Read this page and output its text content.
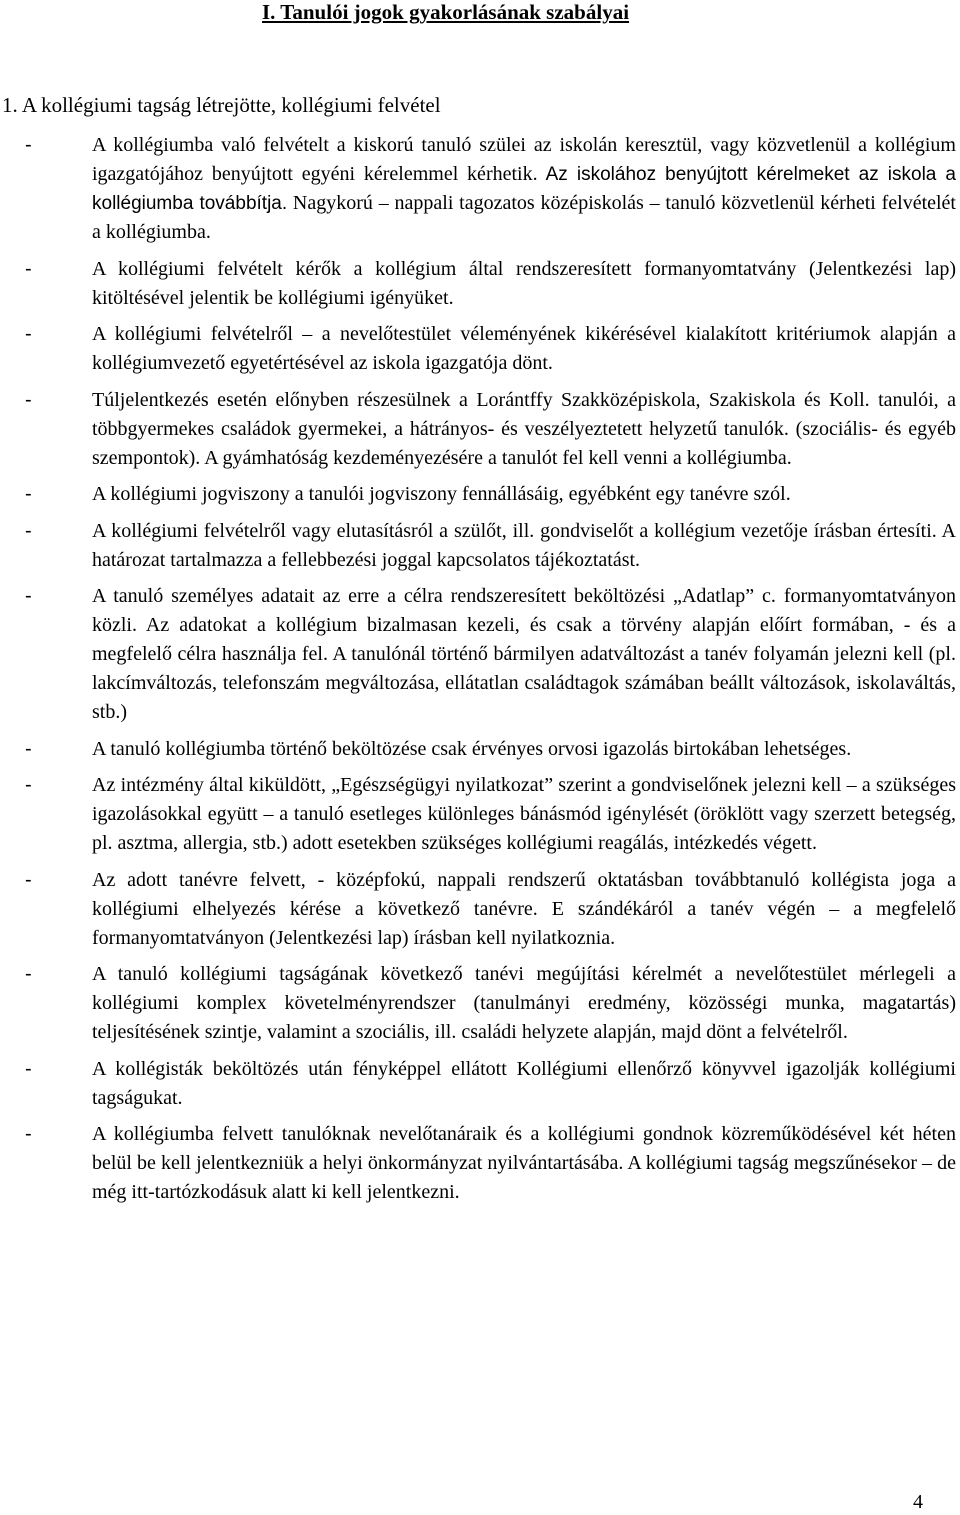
I. Tanulói jogok gyakorlásának szabályai
1. A kollégiumi tagság létrejötte, kollégiumi felvétel
-	A kollégiumba való felvételt a kiskorú tanuló szülei az iskolán keresztül, vagy közvetlenül a kollégium igazgatójához benyújtott egyéni kérelemmel kérhetik. Az iskolához benyújtott kérelmeket az iskola a kollégiumba továbbítja. Nagykorú – nappali tagozatos középiskolás – tanuló közvetlenül kérheti felvételét a kollégiumba.
-	A kollégiumi felvételt kérők a kollégium által rendszeresített formanyomtatvány (Jelentkezési lap) kitöltésével jelentik be kollégiumi igényüket.
-	A kollégiumi felvételről – a nevelőtestület véleményének kikérésével kialakított kritériumok alapján a kollégiumvezető egyetértésével az iskola igazgatója dönt.
-	Túljelentkezés esetén előnyben részesülnek a Lorántffy Szakközépiskola, Szakiskola és Koll. tanulói, a többgyermekes családok gyermekei, a hátrányos- és veszélyeztetett helyzetű tanulók. (szociális- és egyéb szempontok). A gyámhatóság kezdeményezésére a tanulót fel kell venni a kollégiumba.
-	A kollégiumi jogviszony a tanulói jogviszony fennállásáig, egyébként egy tanévre szól.
-	A kollégiumi felvételről vagy elutasításról a szülőt, ill. gondviselőt a kollégium vezetője írásban értesíti. A határozat tartalmazza a fellebbezési joggal kapcsolatos tájékoztatást.
-	A tanuló személyes adatait az erre a célra rendszeresített beköltözési „Adatlap” c. formanyomtatványon közli. Az adatokat a kollégium bizalmasan kezeli, és csak a törvény alapján előírt formában, - és a megfelelő célra használja fel. A tanulónál történő bármilyen adatváltozást a tanév folyamán jelezni kell (pl. lakcímváltozás, telefonszám megváltozása, ellátatlan családtagok számában beállt változások, iskolaváltás, stb.)
-	A tanuló kollégiumba történő beköltözése csak érvényes orvosi igazolás birtokában lehetséges.
-	Az intézmény által kiküldött, „Egészségügyi nyilatkozat” szerint a gondviselőnek jelezni kell – a szükséges igazolásokkal együtt – a tanuló esetleges különleges bánásmód igénylését (öröklött vagy szerzett betegség, pl. asztma, allergia, stb.) adott esetekben szükséges kollégiumi reagálás, intézkedés végett.
-	Az adott tanévre felvett, - középfokú, nappali rendszerű oktatásban továbbtanuló kollégista joga a kollégiumi elhelyezés kérése a következő tanévre. E szándékáról a tanév végén – a megfelelő formanyomtatványon (Jelentkezési lap) írásban kell nyilatkoznia.
-	A tanuló kollégiumi tagságának következő tanévi megújítási kérelmét a nevelőtestület mérlegeli a kollégiumi komplex követelményrendszer (tanulmányi eredmény, közösségi munka, magatartás) teljesítésének szintje, valamint a szociális, ill. családi helyzete alapján, majd dönt a felvételről.
-	A kollégisták beköltözés után fényképpel ellátott Kollégiumi ellenőrző könyvvel igazolják kollégiumi tagságukat.
-	A kollégiumba felvett tanulóknak nevelőtanáraik és a kollégiumi gondnok közreműködésével két héten belül be kell jelentkezniük a helyi önkormányzat nyilvántartásába. A kollégiumi tagság megszűnésekor – de még itt-tartózkodásuk alatt ki kell jelentkezni.
4
